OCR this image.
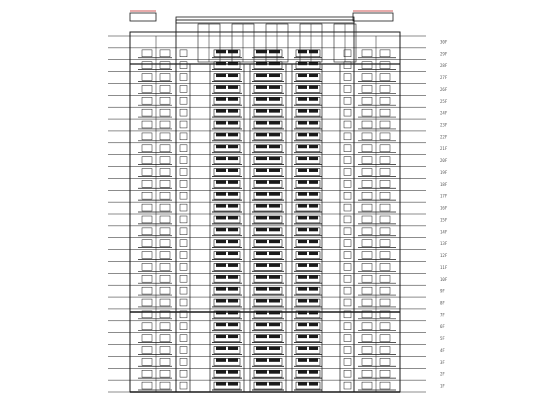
30F
29F
28F
27F
26F
25F
24F
23F
22F
21F
20F
19F
18F
17F
16F
15F
14F
13F
12F
11F
10F
9F
8F
7F
6F
5F
4F
3F
2F
1F
